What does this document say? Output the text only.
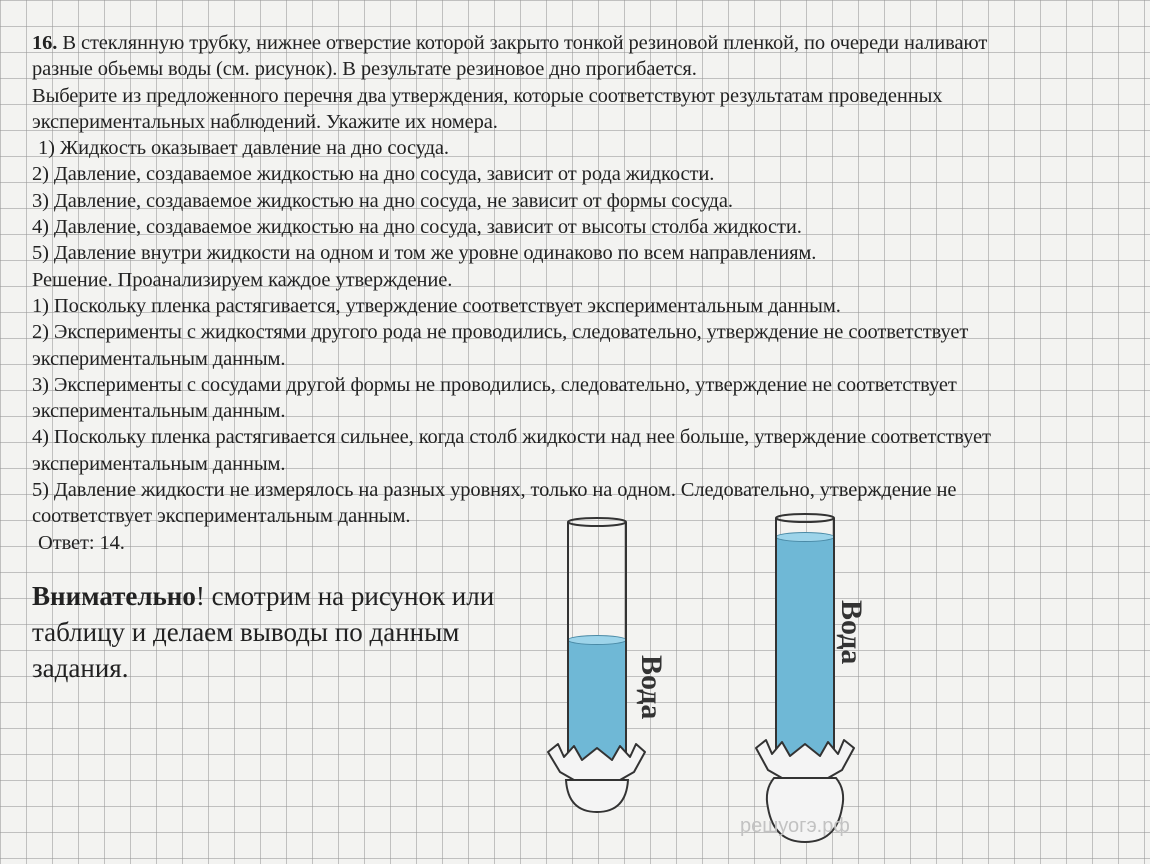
16. В стеклянную трубку, нижнее отверстие которой закрыто тонкой резиновой пленкой, по очереди наливают
разные обьемы воды (см. рисунок). В результате резиновое дно прогибается.
Выберите из предложенного перечня два утверждения, которые соответствуют результатам проведенных
экспериментальных наблюдений. Укажите их номера.
1) Жидкость оказывает давление на дно сосуда.
2) Давление, создаваемое жидкостью на дно сосуда, зависит от рода жидкости.
3) Давление, создаваемое жидкостью на дно сосуда, не зависит от формы сосуда.
4) Давление, создаваемое жидкостью на дно сосуда, зависит от высоты столба жидкости.
5) Давление внутри жидкости на одном и том же уровне одинаково по всем направлениям.
Решение. Проанализируем каждое утверждение.
1) Поскольку пленка растягивается, утверждение соответствует экспериментальным данным.
2) Эксперименты с жидкостями другого рода не проводились, следовательно, утверждение не соответствует
экспериментальным данным.
3) Эксперименты с сосудами другой формы не проводились, следовательно, утверждение не соответствует
экспериментальным данным.
4) Поскольку пленка растягивается сильнее, когда столб жидкости над нее больше, утверждение соответствует
экспериментальным данным.
5) Давление жидкости не измерялось на разных уровнях, только на одном. Следовательно, утверждение не
соответствует экспериментальным данным.
Ответ: 14.
Внимательно! смотрим на рисунок или
таблицу и делаем выводы по данным
задания.	Вода
Вода
решуогэ.рф
